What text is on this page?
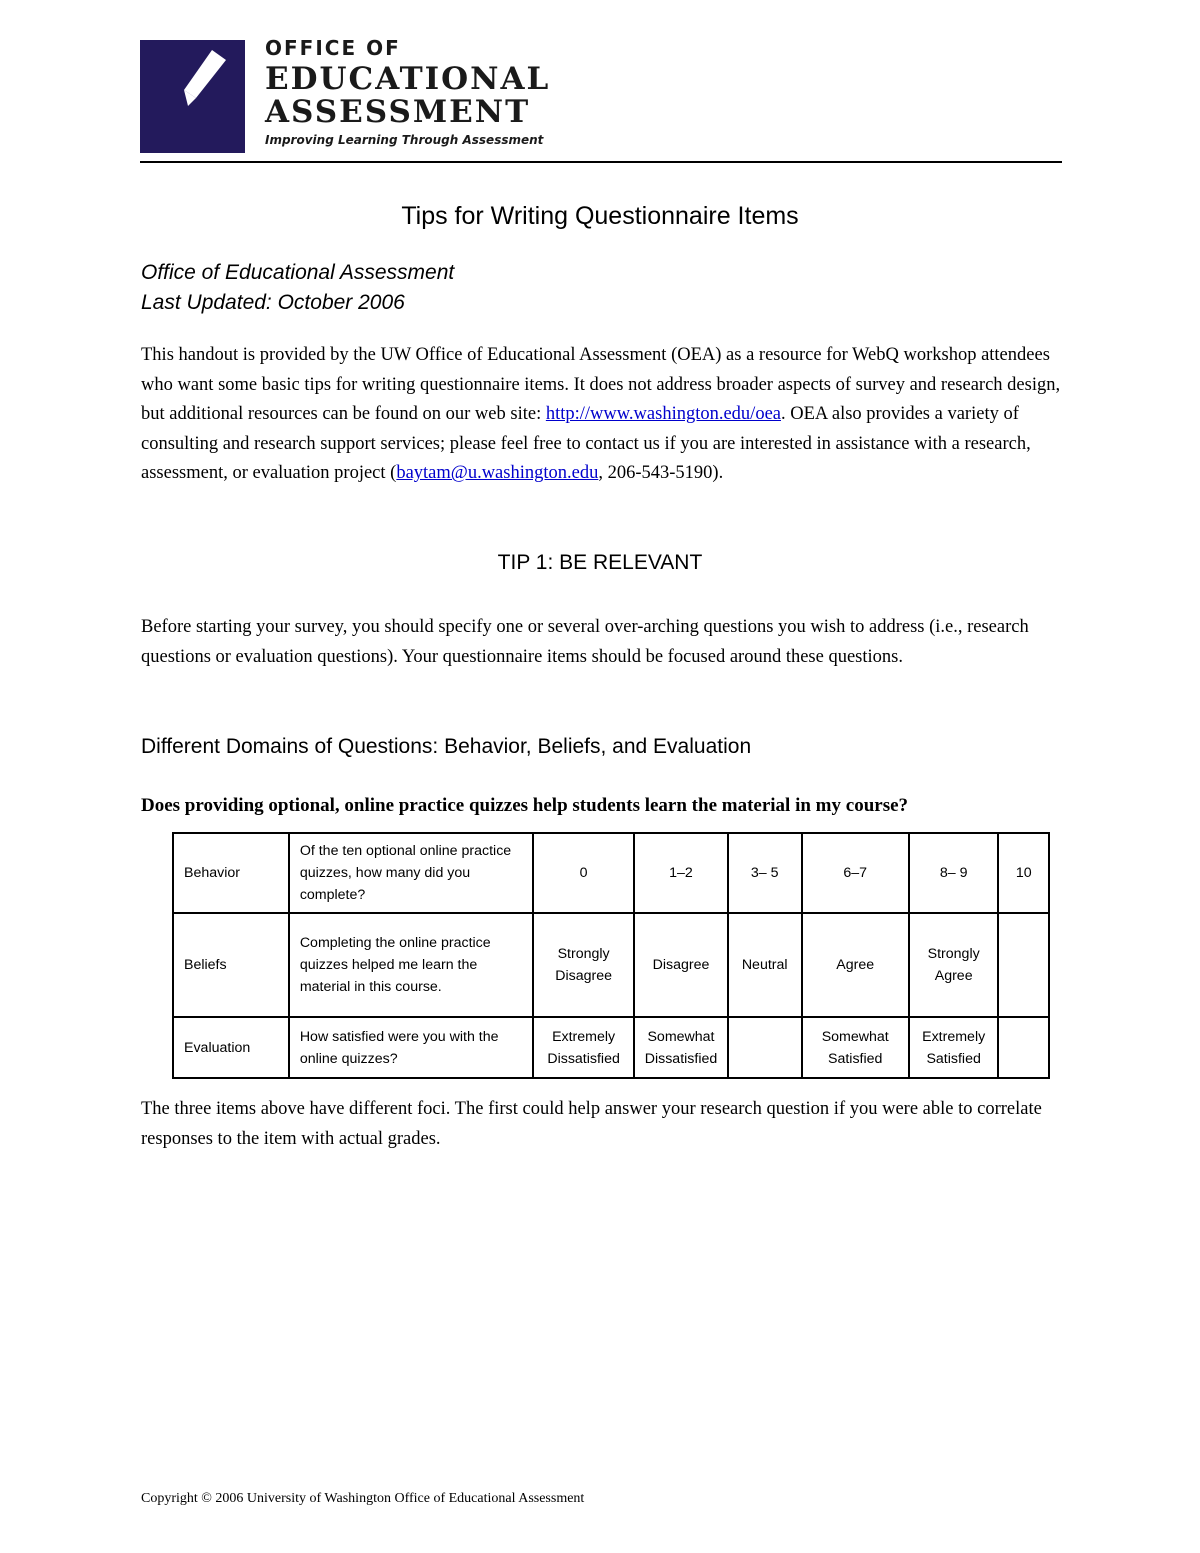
OFFICE OF
EDUCATIONAL
ASSESSMENT
Improving Learning Through Assessment
Tips for Writing Questionnaire Items
Office of Educational Assessment
Last Updated: October 2006
This handout is provided by the UW Office of Educational Assessment (OEA) as a resource for WebQ workshop attendees who want some basic tips for writing questionnaire items. It does not address broader aspects of survey and research design, but additional resources can be found on our web site: http://www.washington.edu/oea. OEA also provides a variety of consulting and research support services; please feel free to contact us if you are interested in assistance with a research, assessment, or evaluation project (baytam@u.washington.edu, 206-543-5190).
TIP 1: BE RELEVANT
Before starting your survey, you should specify one or several over-arching questions you wish to address (i.e., research questions or evaluation questions). Your questionnaire items should be focused around these questions.
Different Domains of Questions: Behavior, Beliefs, and Evaluation
Does providing optional, online practice quizzes help students learn the material in my course?
Behavior	Of the ten optional online practice quizzes, how many did you complete?	0	1–2	3– 5	6–7	8– 9	10
Beliefs	Completing the online practice quizzes helped me learn the material in this course.	Strongly Disagree	Disagree	Neutral	Agree	Strongly Agree	
Evaluation	How satisfied were you with the online quizzes?	Extremely Dissatisfied	Somewhat Dissatisfied		Somewhat Satisfied	Extremely Satisfied	
The three items above have different foci. The first could help answer your research question if you were able to correlate responses to the item with actual grades.
Copyright © 2006 University of Washington Office of Educational Assessment
